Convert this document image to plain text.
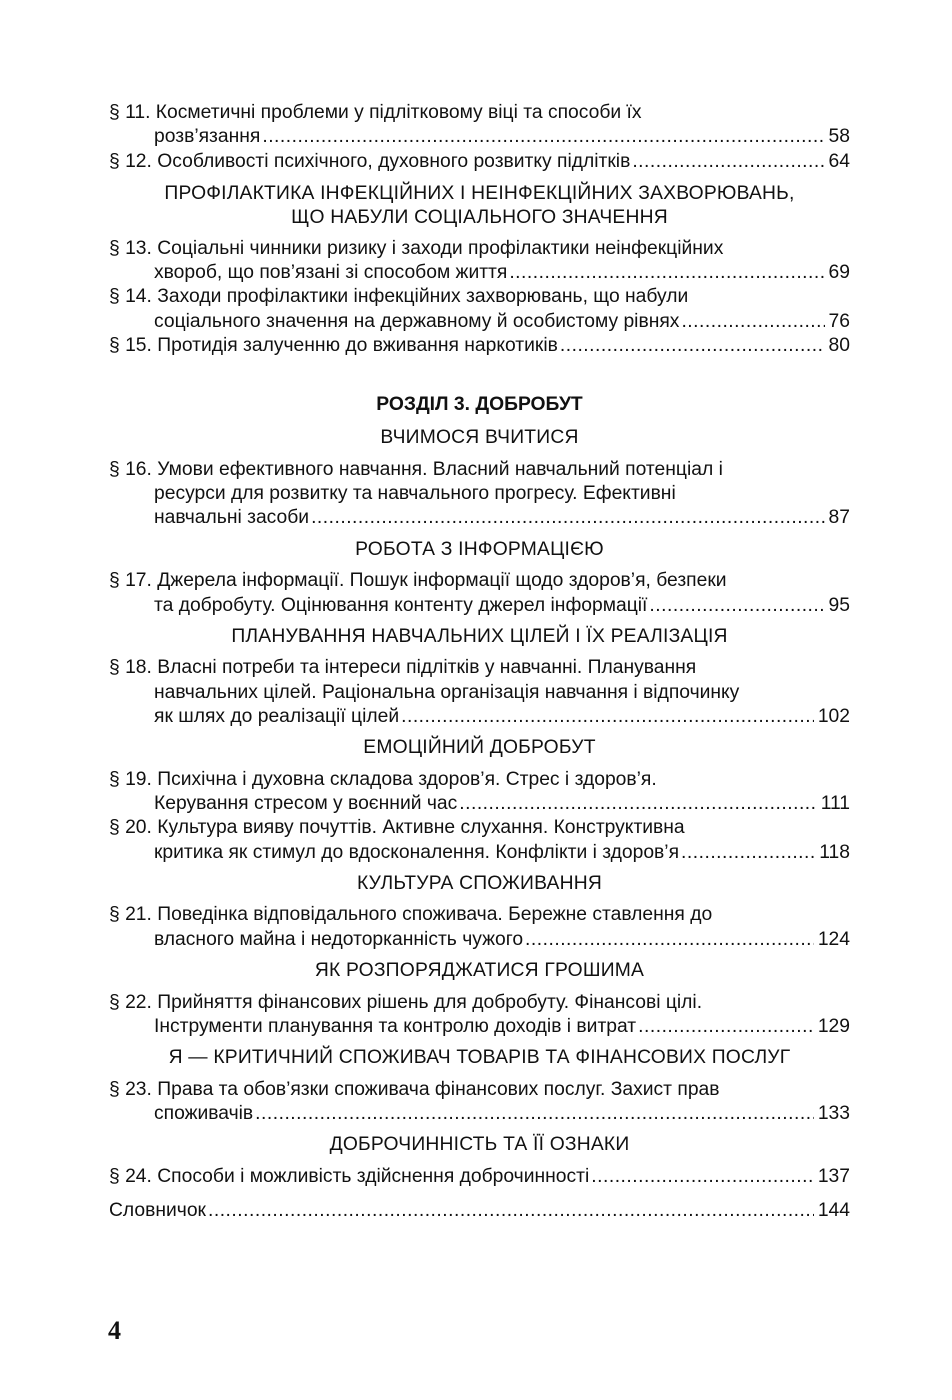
§ 11. Косметичні проблеми у підлітковому віці та способи їх
розв’язання .....	58
§ 12. Особливості психічного, духовного розвитку підлітків .....	64
ПРОФІЛАКТИКА ІНФЕКЦІЙНИХ І НЕІНФЕКЦІЙНИХ ЗАХВОРЮВАНЬ,
ЩО НАБУЛИ СОЦІАЛЬНОГО ЗНАЧЕННЯ
§ 13. Соціальні чинники ризику і заходи профілактики неінфекційних
хвороб, що пов’язані зі способом життя .....	69
§ 14. Заходи профілактики інфекційних захворювань, що набули
соціального значення на державному й особистому рівнях .....	76
§ 15. Протидія залученню до вживання наркотиків .....	80
РОЗДІЛ 3. ДОБРОБУТ
ВЧИМОСЯ ВЧИТИСЯ
§ 16. Умови ефективного навчання. Власний навчальний потенціал і
ресурси для розвитку та навчального прогресу. Ефективні
навчальні засоби .....	87
РОБОТА З ІНФОРМАЦІЄЮ
§ 17. Джерела інформації. Пошук інформації щодо здоров’я, безпеки
та добробуту. Оцінювання контенту джерел інформації .....	95
ПЛАНУВАННЯ НАВЧАЛЬНИХ ЦІЛЕЙ І ЇХ РЕАЛІЗАЦІЯ
§ 18. Власні потреби та інтереси підлітків у навчанні. Планування
навчальних цілей. Раціональна організація навчання і відпочинку
як шлях до реалізації цілей .....	102
ЕМОЦІЙНИЙ ДОБРОБУТ
§ 19. Психічна і духовна складова здоров’я. Стрес і здоров’я.
Керування стресом у воєнний час .....	111
§ 20. Культура вияву почуттів. Активне слухання. Конструктивна
критика як стимул до вдосконалення. Конфлікти і здоров’я .....	118
КУЛЬТУРА СПОЖИВАННЯ
§ 21. Поведінка відповідального споживача. Бережне ставлення до
власного майна і недоторканність чужого .....	124
ЯК РОЗПОРЯДЖАТИСЯ ГРОШИМА
§ 22. Прийняття фінансових рішень для добробуту. Фінансові цілі.
Інструменти планування та контролю доходів і витрат .....	129
Я — КРИТИЧНИЙ СПОЖИВАЧ ТОВАРІВ ТА ФІНАНСОВИХ ПОСЛУГ
§ 23. Права та обов’язки споживача фінансових послуг. Захист прав
споживачів .....	133
ДОБРОЧИННІСТЬ ТА ЇЇ ОЗНАКИ
§ 24. Способи і можливість здійснення доброчинності .....	137
Словничок .....	144
4
